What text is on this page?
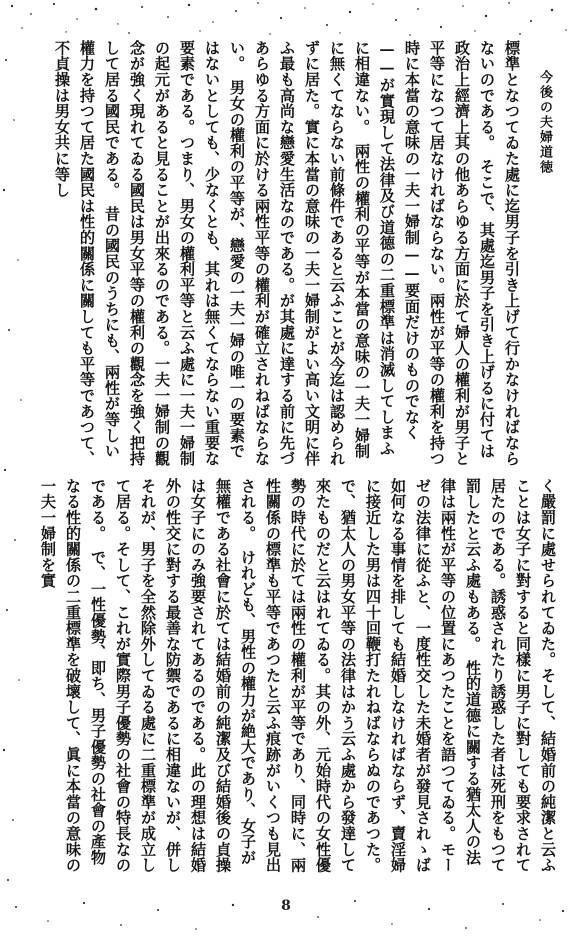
今後の夫婦道徳

標準となつてゐた處に迄男子を引き上げて行かなければならないのである。　そこで、其處迄男子を引き上げるに付ては政治上經濟上其の他あらゆる方面に於て婦人の權利が男子と平等になつて居なければならない。兩性が平等の權利を持つ時に本當の意味の一夫一婦制——要面だけのものでなく——が實現して法律及び道德の二重標準は消滅してしまふに相違ない。　兩性の權利の平等が本當の意味の一夫一婦制に無くてならない前條件であると云ふことが今迄は認められずに居た。實に本當の意味の一夫一婦制がよい高い文明に伴ふ最も高尚な戀愛生活なのである。が其處に達する前に先づあらゆる方面に於ける兩性平等の權利が確立されねばならない。　男女の權利の平等が、戀愛の一夫一婦の唯一の要素ではないとしても、少なくとも、其れは無くてならない重要な要素である。つまり、男女の權利平等と云ふ處に一夫一婦制の起元があると見ることが出來るのである。一夫一婦制の觀念が強く現れてゐる國民は男女平等の權利の觀念を強く把持して居る國民である。　昔の國民のうちにも、兩性が等しい權力を持つて居た國民は性的關係に關しても平等であつて、不貞操は男女共に等し

く嚴罰に處せられてゐた。そして、結婚前の純潔と云ふことは女子に對すると同樣に男子に對しても要求されて居たのである。誘惑されたり誘惑した者は死刑をもつて罰したと云ふ處もある。　性的道德に關する猶太人の法律は兩性が平等の位置にあつたことを語つてゐる。モーゼの法律に從ふと、一度性交した未婚者が發見されゝば如何なる事情を排しても結婚しなければならず、賣淫婦に接近した男は四十回鞭打たれねばならぬのであつた。で、猶太人の男女平等の法律はかう云ふ處から發達して來たものだと云はれてゐる。其の外、元始時代の女性優勢の時代に於ては兩性の權利が平等であり、同時に、兩性關係の標準も平等であつたと云ふ痕跡がいくつも見出される。　けれども、男性の權力が絶大であり、女子が無權である社會に於ては結婚前の純潔及び結婚後の貞操は女子にのみ強要されてあるのである。此の理想は結婚外の性交に對する最善な防禦であるに相違ないが、併しそれが、男子を全然除外してゐる處に二重標準が成立して居る。そして、これが實際男子優勢の社會の特長なのである。　で、一性優勢、即ち、男子優勢の社會の產物なる性的關係の二重標準を破壞して、眞に本當の意味の一夫一婦制を實

8
